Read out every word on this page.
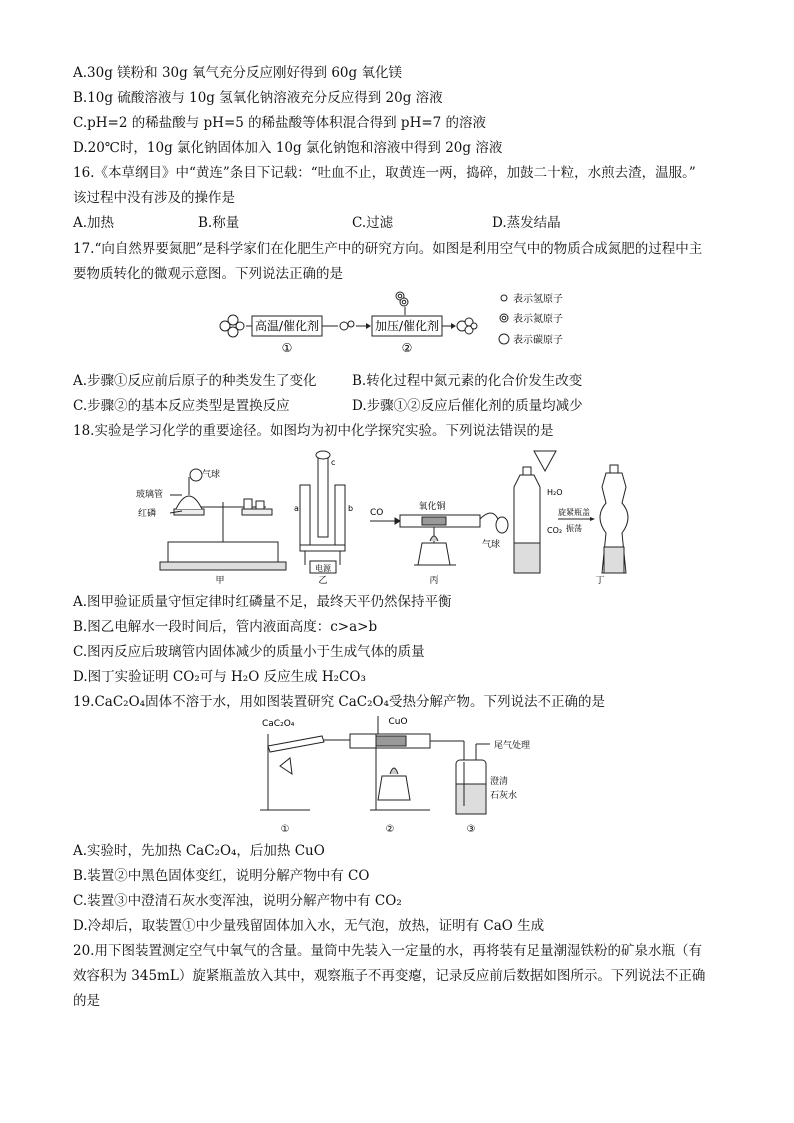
A.30g 镁粉和 30g 氧气充分反应刚好得到 60g 氧化镁
B.10g 硫酸溶液与 10g 氢氧化钠溶液充分反应得到 20g 溶液
C.pH=2 的稀盐酸与 pH=5 的稀盐酸等体积混合得到 pH=7 的溶液
D.20℃时，10g 氯化钠固体加入 10g 氯化钠饱和溶液中得到 20g 溶液
16.《本草纲目》中“黄连”条目下记载：“吐血不止，取黄连一两，捣碎，加鼓二十粒，水煎去渣，温服。”
该过程中没有涉及的操作是
A.加热	B.称量	C.过滤	D.蒸发结晶
17.“向自然界要氮肥”是科学家们在化肥生产中的研究方向。如图是利用空气中的物质合成氮肥的过程中主
要物质转化的微观示意图。下列说法正确的是
高温/催化剂
①
加压/催化剂
②
表示氢原子
表示氮原子
表示碳原子
A.步骤①反应前后原子的种类发生了变化	B.转化过程中氮元素的化合价发生改变
C.步骤②的基本反应类型是置换反应	D.步骤①②反应后催化剂的质量均减少
18.实验是学习化学的重要途径。如图均为初中化学探究实验。下列说法错误的是
气球
玻璃管
红磷
甲
a	b
c
电源
乙
氧化铜
CO
气球
丙
H₂O
CO₂
旋紧瓶盖
振荡
丁
A.图甲验证质量守恒定律时红磷量不足，最终天平仍然保持平衡
B.图乙电解水一段时间后，管内液面高度：c>a>b
C.图丙反应后玻璃管内固体减少的质量小于生成气体的质量
D.图丁实验证明 CO₂可与 H₂O 反应生成 H₂CO₃
19.CaC₂O₄固体不溶于水，用如图装置研究 CaC₂O₄受热分解产物。下列说法不正确的是
CaC₂O₄
①
CuO
②
尾气处理
澄清
石灰水
③
A.实验时，先加热 CaC₂O₄，后加热 CuO
B.装置②中黑色固体变红，说明分解产物中有 CO
C.装置③中澄清石灰水变浑浊，说明分解产物中有 CO₂
D.冷却后，取装置①中少量残留固体加入水，无气泡，放热，证明有 CaO 生成
20.用下图装置测定空气中氧气的含量。量筒中先装入一定量的水，再将装有足量潮湿铁粉的矿泉水瓶（有
效容积为 345mL）旋紧瓶盖放入其中，观察瓶子不再变瘪，记录反应前后数据如图所示。下列说法不正确
的是
